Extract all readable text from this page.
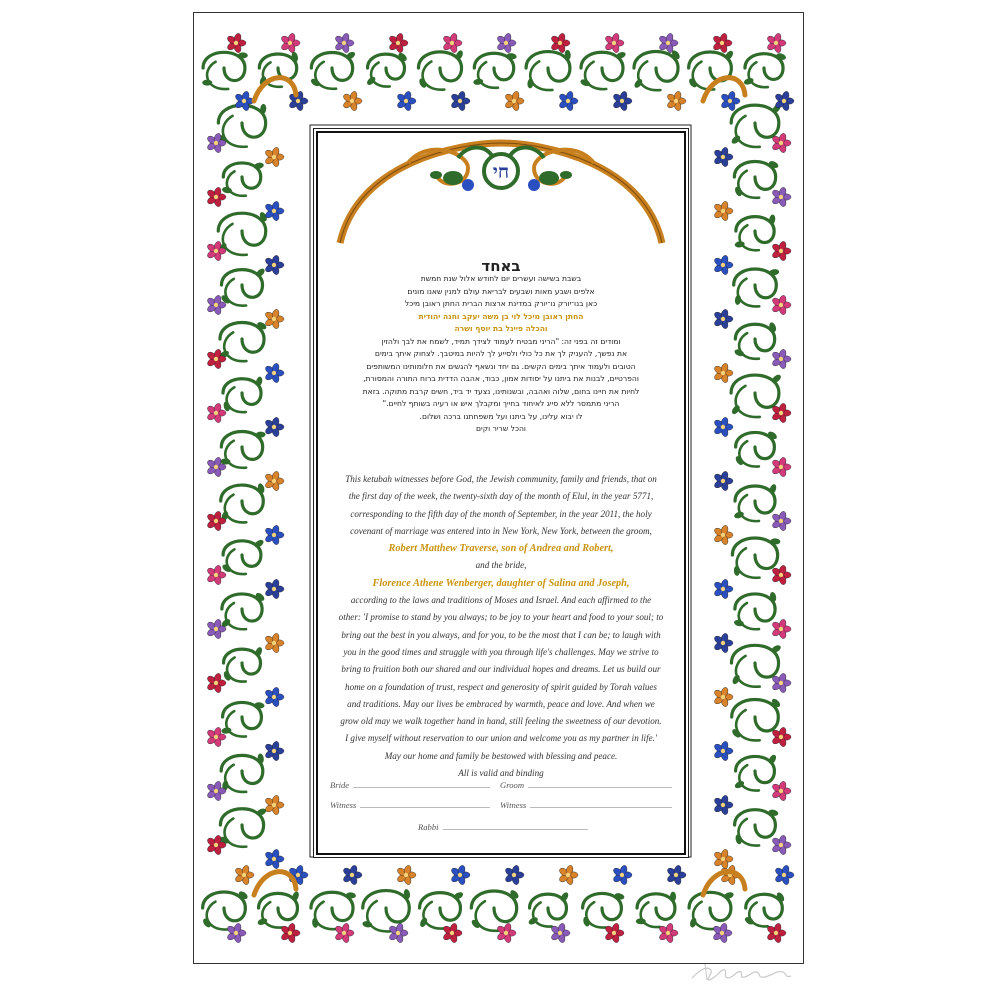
חי
באחד
בשבת בשישה ועשרים יום לחודש אלול שנת חמשת
אלפים ושבע מאות ושבעים לבריאת עולם למנין שאנו מונים
כאן בנו־יורק נו־יורק במדינת ארצות הברית החתן ראובן מיכל
החתן ראובן מיכל לוי בן משה יעקב וחנה יהודית
והכלה פייגל בת יוסף ושרה
ומודים זה בפני זה: "הריני מבטיח לעמוד לצידך תמיד, לשמח את לבך ולהזין
את נפשך, להעניק לך את כל כולי ולסייע לך להיות במיטבך. לצחוק איתך בימים
הטובים ולעמוד איתך בימים הקשים. גם יחד ונשאף להגשים את חלומותינו המשותפים
והפרטיים, לבנות את ביתנו על יסודות אמון, כבוד, אהבה הדדית ברוח התורה והמסורת,
לחיות את חיינו בחום, שלוה ואהבה, ובשנותינו, נצעד יד ביד, חשים קרבת מתוקה. בזאת
הריני מתמסר ללא סייג לאיחוד בחייך ומקבלך איש או רעיה בשותף לחיים."
לו יבוא עלינו, על ביתנו ועל משפחתנו ברכה ושלום.
והכל שריר וקים
This ketubah witnesses before God, the Jewish community, family and friends, that on
the first day of the week, the twenty-sixth day of the month of Elul, in the year 5771,
corresponding to the fifth day of the month of September, in the year 2011, the holy
covenant of marriage was entered into in New York, New York, between the groom,
Robert Matthew Traverse, son of Andrea and Robert,
and the bride,
Florence Athene Wenberger, daughter of Salina and Joseph,
according to the laws and traditions of Moses and Israel. And each affirmed to the
other: 'I promise to stand by you always; to be joy to your heart and food to your soul; to
bring out the best in you always, and for you, to be the most that I can be; to laugh with
you in the good times and struggle with you through life's challenges. May we strive to
bring to fruition both our shared and our individual hopes and dreams. Let us build our
home on a foundation of trust, respect and generosity of spirit guided by Torah values
and traditions. May our lives be embraced by warmth, peace and love. And when we
grow old may we walk together hand in hand, still feeling the sweetness of our devotion.
I give myself without reservation to our union and welcome you as my partner in life.'
May our home and family be bestowed with blessing and peace.
All is valid and binding
Bride	Groom
Witness	Witness
Rabbi
